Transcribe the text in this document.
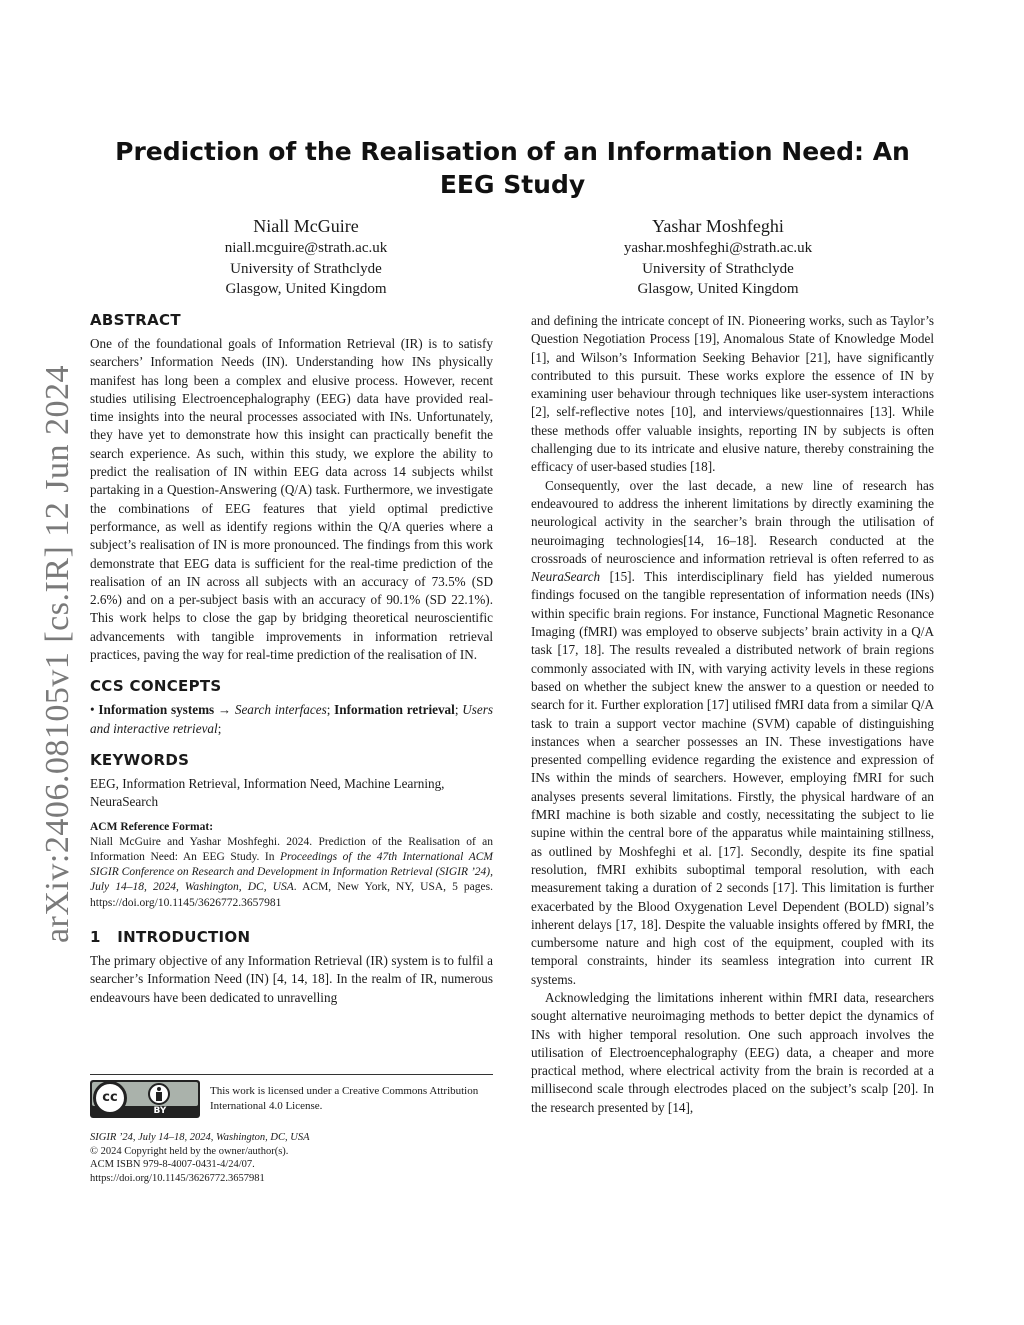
arXiv:2406.08105v1 [cs.IR] 12 Jun 2024
Prediction of the Realisation of an Information Need: An EEG Study
Niall McGuire
niall.mcguire@strath.ac.uk
University of Strathclyde
Glasgow, United Kingdom
Yashar Moshfeghi
yashar.moshfeghi@strath.ac.uk
University of Strathclyde
Glasgow, United Kingdom
ABSTRACT

One of the foundational goals of Information Retrieval (IR) is to satisfy searchers’ Information Needs (IN). Understanding how INs physically manifest has long been a complex and elusive process. However, recent studies utilising Electroencephalography (EEG) data have provided real-time insights into the neural processes associated with INs. Unfortunately, they have yet to demonstrate how this insight can practically benefit the search experience. As such, within this study, we explore the ability to predict the realisation of IN within EEG data across 14 subjects whilst partaking in a Question-Answering (Q/A) task. Furthermore, we investigate the combinations of EEG features that yield optimal predictive performance, as well as identify regions within the Q/A queries where a subject’s realisation of IN is more pronounced. The findings from this work demonstrate that EEG data is sufficient for the real-time prediction of the realisation of an IN across all subjects with an accuracy of 73.5% (SD 2.6%) and on a per-subject basis with an accuracy of 90.1% (SD 22.1%). This work helps to close the gap by bridging theoretical neuroscientific advancements with tangible improvements in information retrieval practices, paving the way for real-time prediction of the realisation of IN.

CCS CONCEPTS

• Information systems → Search interfaces; Information retrieval; Users and interactive retrieval;

KEYWORDS

EEG, Information Retrieval, Information Need, Machine Learning, NeuraSearch

ACM Reference Format:
Niall McGuire and Yashar Moshfeghi. 2024. Prediction of the Realisation of an Information Need: An EEG Study. In Proceedings of the 47th International ACM SIGIR Conference on Research and Development in Information Retrieval (SIGIR ’24), July 14–18, 2024, Washington, DC, USA. ACM, New York, NY, USA, 5 pages. https://doi.org/10.1145/3626772.3657981
1   INTRODUCTION

The primary objective of any Information Retrieval (IR) system is to fulfil a searcher’s Information Need (IN) [4, 14, 18]. In the realm of IR, numerous endeavours have been dedicated to unravelling

cc
BY
This work is licensed under a Creative Commons Attribution International 4.0 License.
SIGIR ’24, July 14–18, 2024, Washington, DC, USA
© 2024 Copyright held by the owner/author(s).
ACM ISBN 979-8-4007-0431-4/24/07.
https://doi.org/10.1145/3626772.3657981

and defining the intricate concept of IN. Pioneering works, such as Taylor’s Question Negotiation Process [19], Anomalous State of Knowledge Model [1], and Wilson’s Information Seeking Behavior [21], have significantly contributed to this pursuit. These works explore the essence of IN by examining user behaviour through techniques like user-system interactions [2], self-reflective notes [10], and interviews/questionnaires [13]. While these methods offer valuable insights, reporting IN by subjects is often challenging due to its intricate and elusive nature, thereby constraining the efficacy of user-based studies [18].

Consequently, over the last decade, a new line of research has endeavoured to address the inherent limitations by directly examining the neurological activity in the searcher’s brain through the utilisation of neuroimaging technologies[14, 16–18]. Research conducted at the crossroads of neuroscience and information retrieval is often referred to as NeuraSearch [15]. This interdisciplinary field has yielded numerous findings focused on the tangible representation of information needs (INs) within specific brain regions. For instance, Functional Magnetic Resonance Imaging (fMRI) was employed to observe subjects’ brain activity in a Q/A task [17, 18]. The results revealed a distributed network of brain regions commonly associated with IN, with varying activity levels in these regions based on whether the subject knew the answer to a question or needed to search for it. Further exploration [17] utilised fMRI data from a similar Q/A task to train a support vector machine (SVM) capable of distinguishing instances when a searcher possesses an IN. These investigations have presented compelling evidence regarding the existence and expression of INs within the minds of searchers. However, employing fMRI for such analyses presents several limitations. Firstly, the physical hardware of an fMRI machine is both sizable and costly, necessitating the subject to lie supine within the central bore of the apparatus while maintaining stillness, as outlined by Moshfeghi et al. [17]. Secondly, despite its fine spatial resolution, fMRI exhibits suboptimal temporal resolution, with each measurement taking a duration of 2 seconds [17]. This limitation is further exacerbated by the Blood Oxygenation Level Dependent (BOLD) signal’s inherent delays [17, 18]. Despite the valuable insights offered by fMRI, the cumbersome nature and high cost of the equipment, coupled with its temporal constraints, hinder its seamless integration into current IR systems.

Acknowledging the limitations inherent within fMRI data, researchers sought alternative neuroimaging methods to better depict the dynamics of INs with higher temporal resolution. One such approach involves the utilisation of Electroencephalography (EEG) data, a cheaper and more practical method, where electrical activity from the brain is recorded at a millisecond scale through electrodes placed on the subject’s scalp [20]. In the research presented by [14],
